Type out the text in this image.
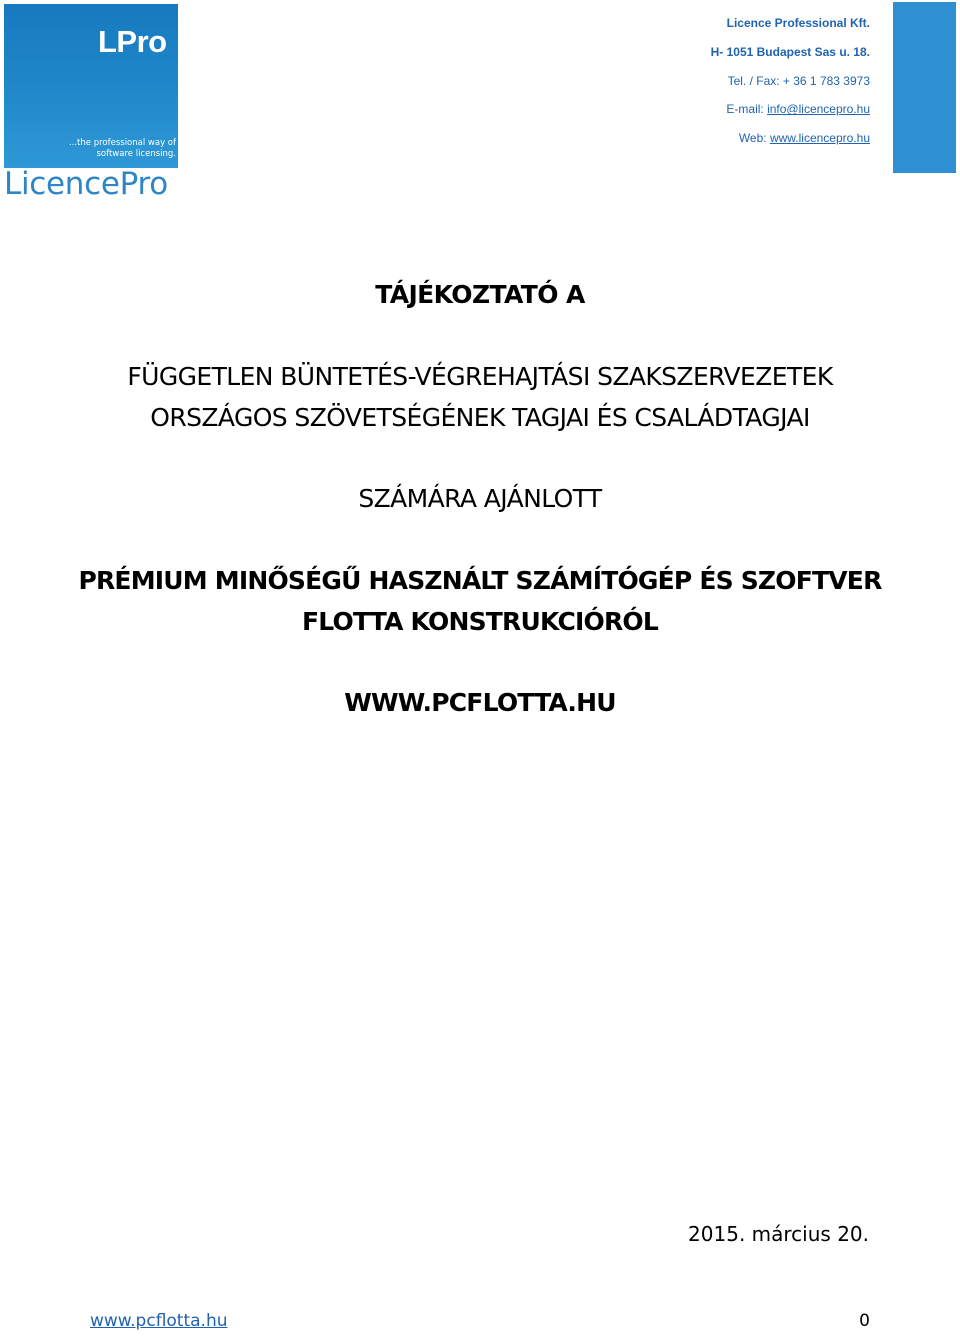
LPro
...the professional way of
software licensing.
LicencePro
Licence Professional Kft.
H- 1051 Budapest Sas u. 18.
Tel. / Fax: + 36 1 783 3973
E-mail: info@licencepro.hu
Web: www.licencepro.hu
TÁJÉKOZTATÓ A
FÜGGETLEN BÜNTETÉS-VÉGREHAJTÁSI SZAKSZERVEZETEK
ORSZÁGOS SZÖVETSÉGÉNEK TAGJAI ÉS CSALÁDTAGJAI
SZÁMÁRA AJÁNLOTT
PRÉMIUM MINŐSÉGŰ HASZNÁLT SZÁMÍTÓGÉP ÉS SZOFTVER
FLOTTA KONSTRUKCIÓRÓL
WWW.PCFLOTTA.HU
2015. március 20.
www.pcflotta.hu	0
